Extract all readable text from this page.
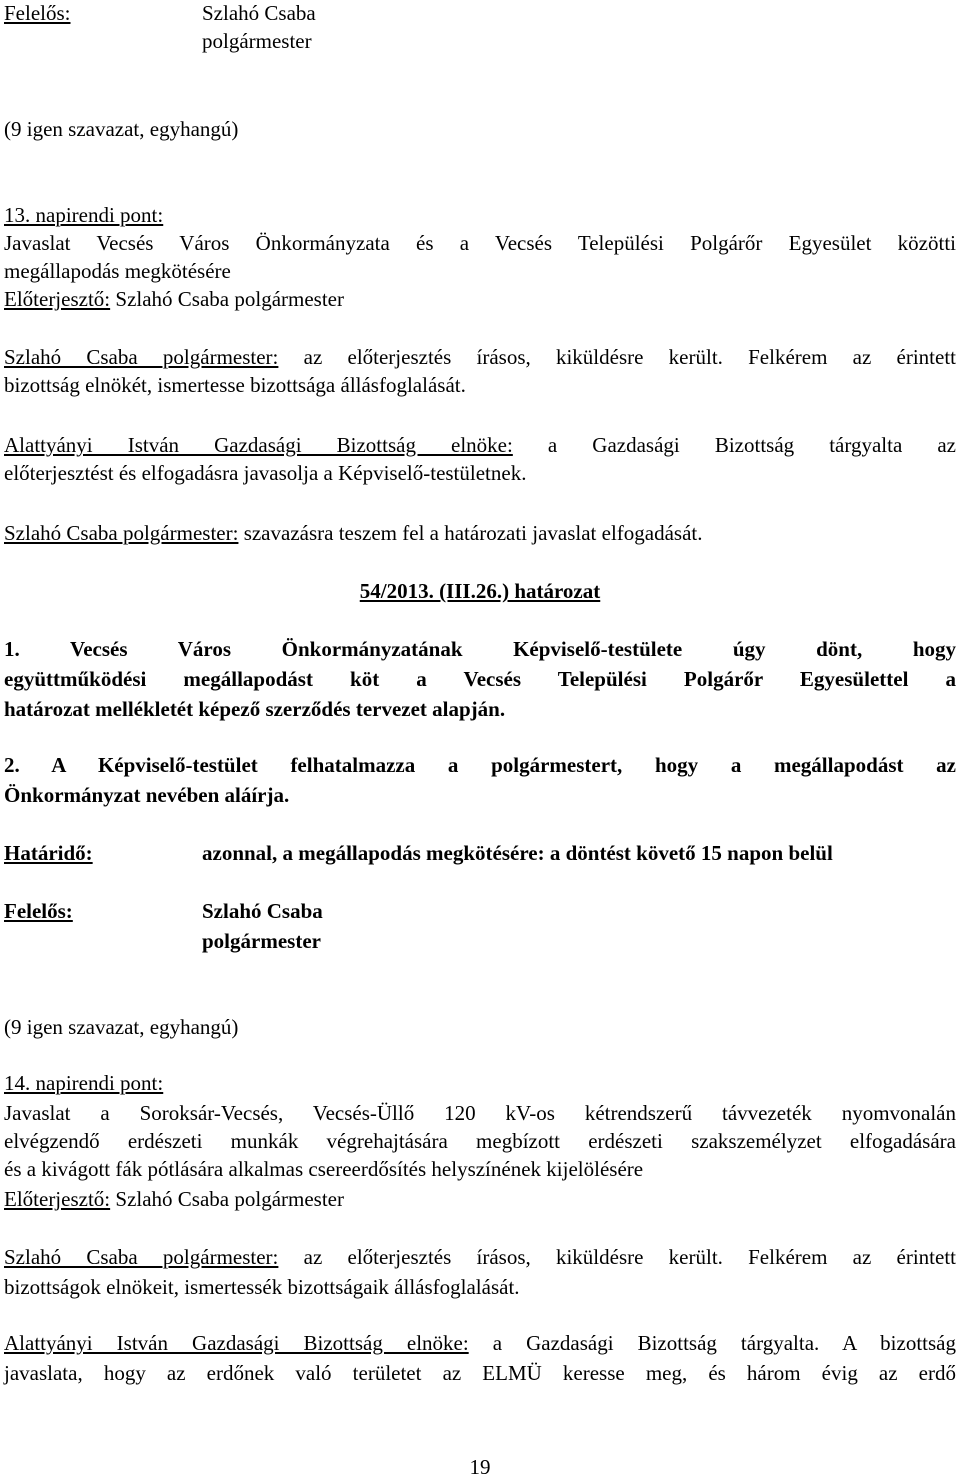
Felelős:	Szlahó Csaba
polgármester
(9 igen szavazat, egyhangú)
13. napirendi pont:
Javaslat Vecsés Város Önkormányzata és a Vecsés Települési Polgárőr Egyesület közötti
megállapodás megkötésére
Előterjesztő: Szlahó Csaba polgármester
Szlahó Csaba polgármester: az előterjesztés írásos, kiküldésre került. Felkérem az érintett
bizottság elnökét, ismertesse bizottsága állásfoglalását.
Alattyányi István Gazdasági Bizottság elnöke: a Gazdasági Bizottság tárgyalta az
előterjesztést és elfogadásra javasolja a Képviselő-testületnek.
Szlahó Csaba polgármester: szavazásra teszem fel a határozati javaslat elfogadását.
54/2013. (III.26.) határozat
1. Vecsés Város Önkormányzatának Képviselő-testülete úgy dönt, hogy
együttműködési megállapodást köt a Vecsés Települési Polgárőr Egyesülettel a
határozat mellékletét képező szerződés tervezet alapján.
2. A Képviselő-testület felhatalmazza a polgármestert, hogy a megállapodást az
Önkormányzat nevében aláírja.
Határidő:	azonnal, a megállapodás megkötésére: a döntést követő 15 napon belül
Felelős:	Szlahó Csaba
polgármester
(9 igen szavazat, egyhangú)
14. napirendi pont:
Javaslat a Soroksár-Vecsés, Vecsés-Üllő 120 kV-os kétrendszerű távvezeték nyomvonalán
elvégzendő erdészeti munkák végrehajtására megbízott erdészeti szakszemélyzet elfogadására
és a kivágott fák pótlására alkalmas csereerdősítés helyszínének kijelölésére
Előterjesztő: Szlahó Csaba polgármester
Szlahó Csaba polgármester: az előterjesztés írásos, kiküldésre került. Felkérem az érintett
bizottságok elnökeit, ismertessék bizottságaik állásfoglalását.
Alattyányi István Gazdasági Bizottság elnöke: a Gazdasági Bizottság tárgyalta. A bizottság
javaslata, hogy az erdőnek való területet az ELMÜ keresse meg, és három évig az erdő
19
